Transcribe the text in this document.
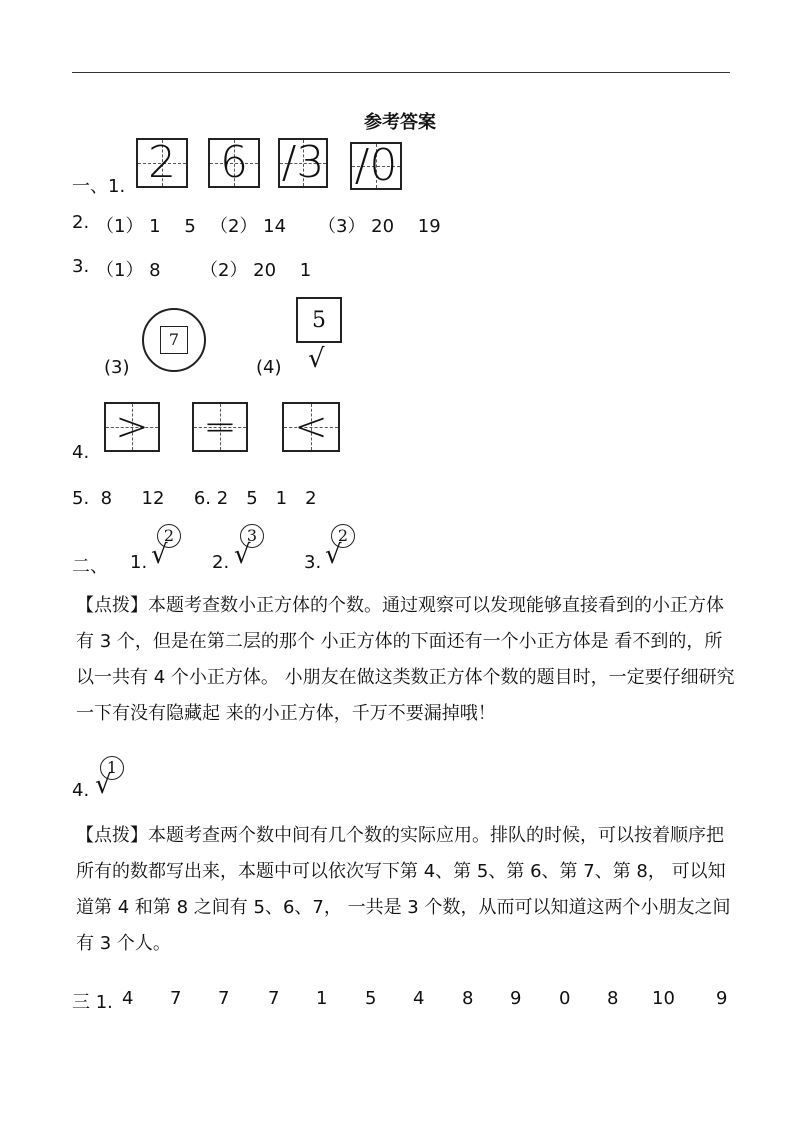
参考答案
一、1. 2 6 /3 /0
2. （1） 1　 5 （2） 14 （3） 20　 19
3. （1） 8 （2） 20　 1
(3)
7
(4)
5
√
4.
> = <
5.  8　  12　  6. 2　5　1　2
二、 1.
2
√ 2.
3
√	3.
2
√
【点拨】本题考查数小正方体的个数。通过观察可以发现能够直接看到的小正方体有 3 个，但是在第二层的那个 小正方体的下面还有一个小正方体是 看不到的，所以一共有 4 个小正方体。 小朋友在做这类数正方体个数的题目时，一定要仔细研究一下有没有隐藏起 来的小正方体，千万不要漏掉哦！
4.
1
√
【点拨】本题考查两个数中间有几个数的实际应用。排队的时候，可以按着顺序把所有的数都写出来，本题中可以依次写下第 4、第 5、第 6、第 7、第 8， 可以知道第 4 和第 8 之间有 5、6、7， 一共是 3 个数，从而可以知道这两个小朋友之间有 3 个人。
三 1. 4 7 7 7 1 5 4 8 9 0 8 10 9
